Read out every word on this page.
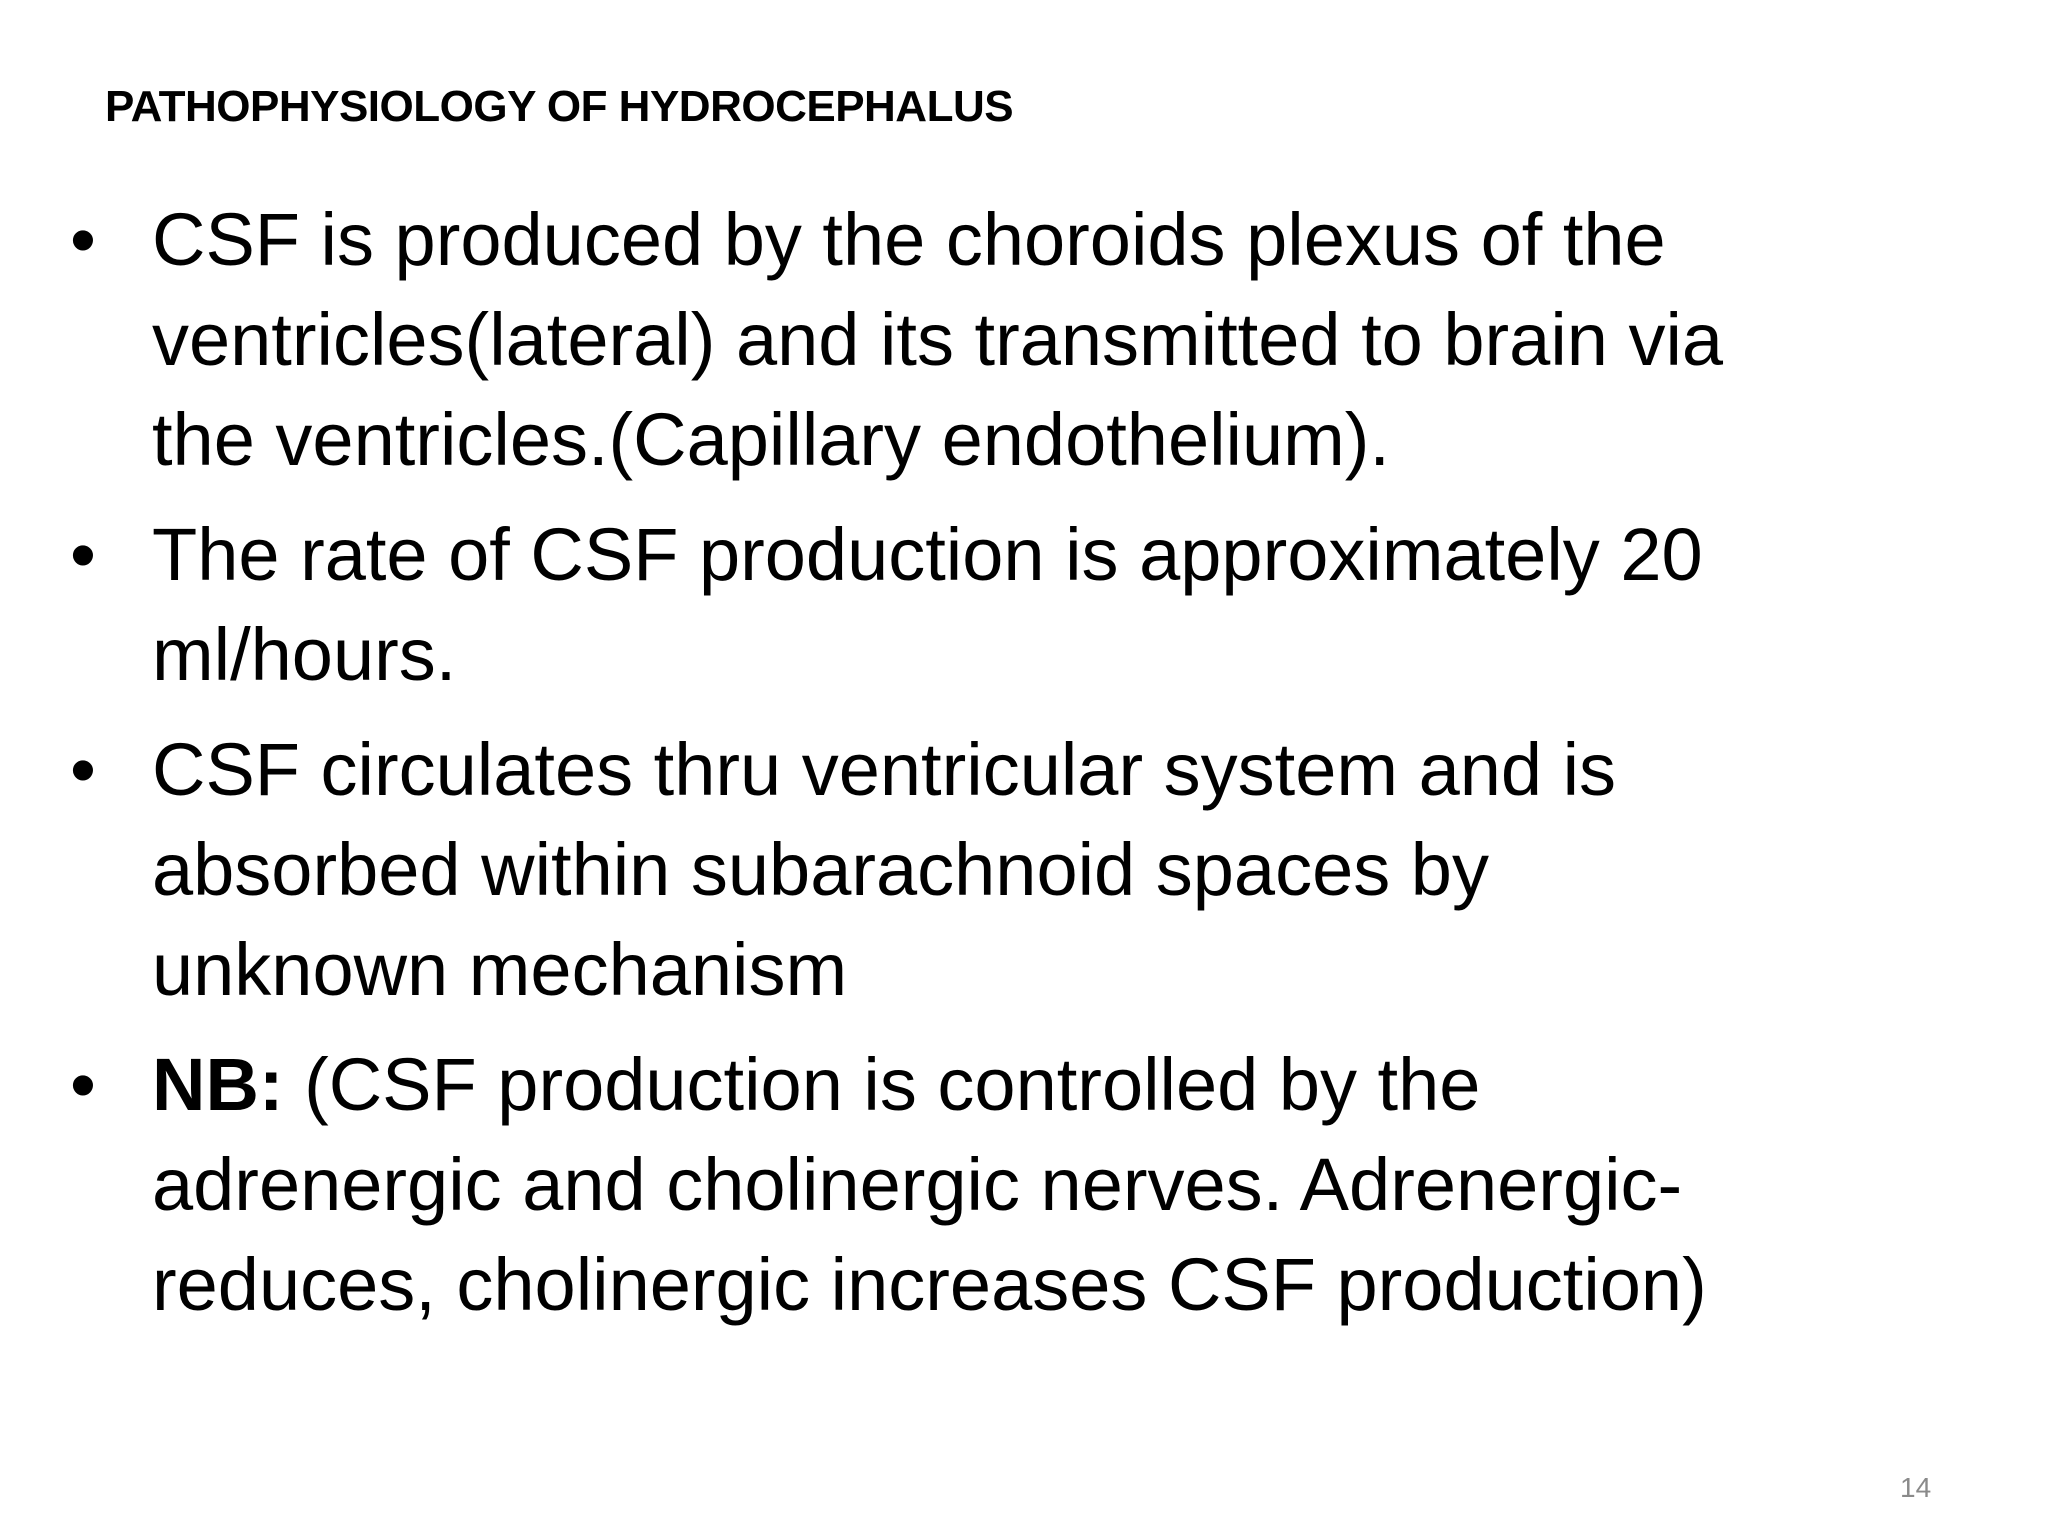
PATHOPHYSIOLOGY OF HYDROCEPHALUS
• CSF is produced by the choroids plexus of the
ventricles(lateral) and its transmitted to brain via
the ventricles.(Capillary endothelium).
• The rate of CSF production is approximately 20
ml/hours.
• CSF circulates thru ventricular system and is
absorbed within subarachnoid spaces by
unknown mechanism
• NB: (CSF production is controlled by the
adrenergic and cholinergic nerves. Adrenergic-
reduces, cholinergic increases CSF production)
14
